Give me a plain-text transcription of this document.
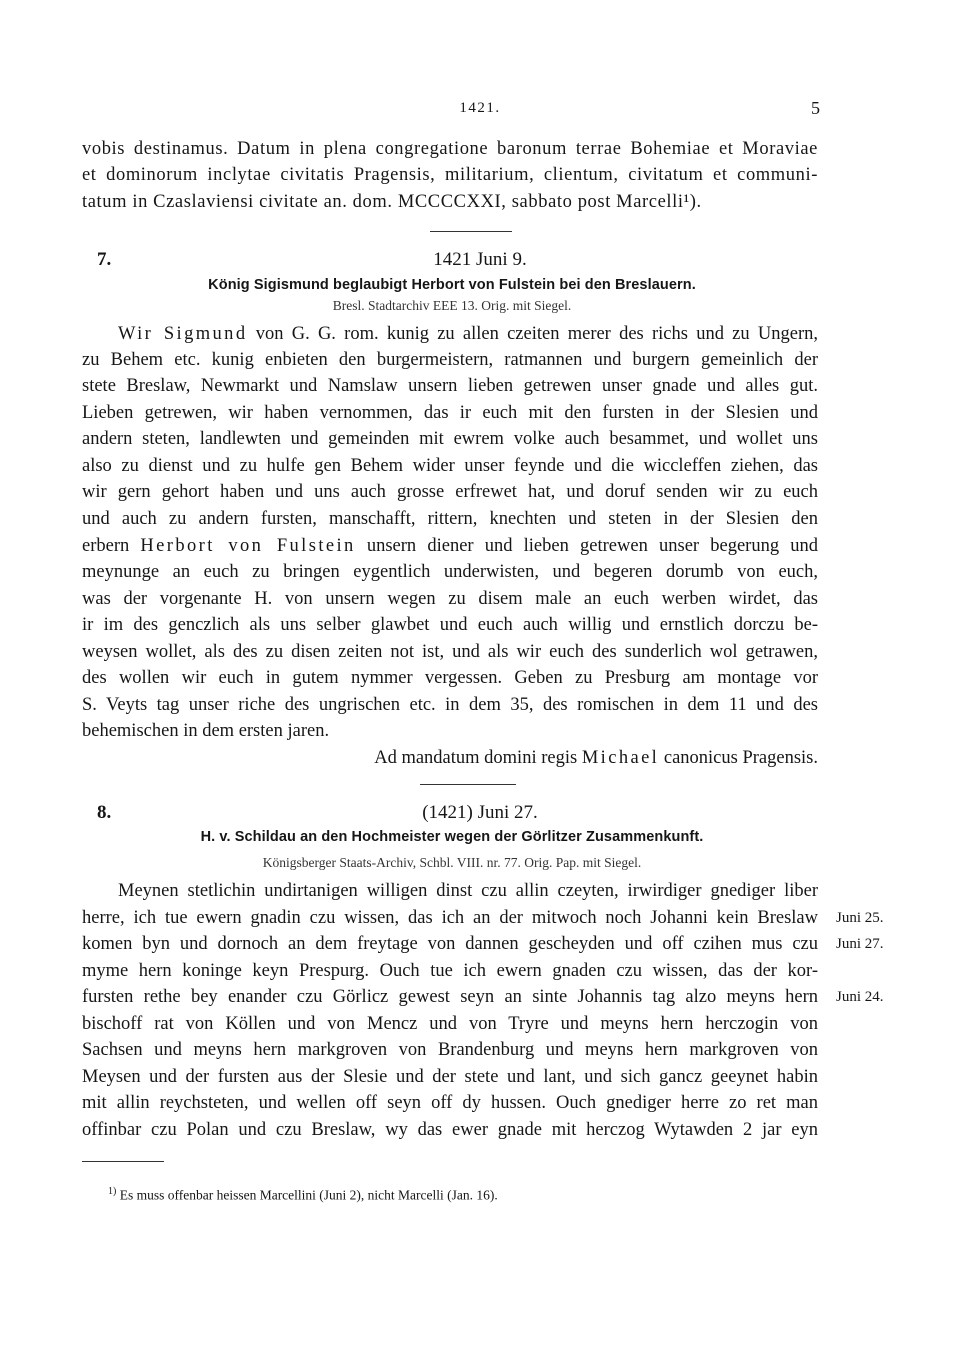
1421.	5
vobis destinamus. Datum in plena congregatione baronum terrae Bohemiae et Moraviae
et dominorum inclytae civitatis Pragensis, militarium, clientum, civitatum et communi-
tatum in Czaslaviensi civitate an. dom. MCCCCXXI, sabbato post Marcelli¹).
7.	1421 Juni 9.
König Sigismund beglaubigt Herbort von Fulstein bei den Breslauern.
Bresl. Stadtarchiv EEE 13. Orig. mit Siegel.
Wir Sigmund von G. G. rom. kunig zu allen czeiten merer des richs und zu Ungern,
zu Behem etc. kunig enbieten den burgermeistern, ratmannen und burgern gemeinlich der
stete Breslaw, Newmarkt und Namslaw unsern lieben getrewen unser gnade und alles gut.
Lieben getrewen, wir haben vernommen, das ir euch mit den fursten in der Slesien und
andern steten, landlewten und gemeinden mit ewrem volke auch besammet, und wollet uns
also zu dienst und zu hulfe gen Behem wider unser feynde und die wiccleffen ziehen, das
wir gern gehort haben und uns auch grosse erfrewet hat, und doruf senden wir zu euch
und auch zu andern fursten, manschafft, rittern, knechten und steten in der Slesien den
erbern Herbort von Fulstein unsern diener und lieben getrewen unser begerung und
meynunge an euch zu bringen eygentlich underwisten, und begeren dorumb von euch,
was der vorgenante H. von unsern wegen zu disem male an euch werben wirdet, das
ir im des genczlich als uns selber glawbet und euch auch willig und ernstlich dorczu be-
weysen wollet, als des zu disen zeiten not ist, und als wir euch des sunderlich wol getrawen,
des wollen wir euch in gutem nymmer vergessen. Geben zu Presburg am montage vor
S. Veyts tag unser riche des ungrischen etc. in dem 35, des romischen in dem 11 und des
behemischen in dem ersten jaren.
Ad mandatum domini regis Michael canonicus Pragensis.
8.	(1421) Juni 27.
H. v. Schildau an den Hochmeister wegen der Görlitzer Zusammenkunft.
Königsberger Staats-Archiv, Schbl. VIII. nr. 77. Orig. Pap. mit Siegel.
Meynen stetlichin undirtanigen willigen dinst czu allin czeyten, irwirdiger gnediger liber
herre, ich tue ewern gnadin czu wissen, das ich an der mitwoch noch Johanni kein Breslaw
komen byn und dornoch an dem freytage von dannen gescheyden und off czihen mus czu
myme hern koninge keyn Prespurg. Ouch tue ich ewern gnaden czu wissen, das der kor-
fursten rethe bey enander czu Görlicz gewest seyn an sinte Johannis tag alzo meyns hern
bischoff rat von Köllen und von Mencz und von Tryre und meyns hern herczogin von
Sachsen und meyns hern markgroven von Brandenburg und meyns hern markgroven von
Meysen und der fursten aus der Slesie und der stete und lant, und sich gancz geeynet habin
mit allin reychsteten, und wellen off seyn off dy hussen. Ouch gnediger herre zo ret man
offinbar czu Polan und czu Breslaw, wy das ewer gnade mit herczog Wytawden 2 jar eyn
Juni 25.
Juni 27.
Juni 24.
$^{1)}$ Es muss offenbar heissen Marcellini (Juni 2), nicht Marcelli (Jan. 16).
